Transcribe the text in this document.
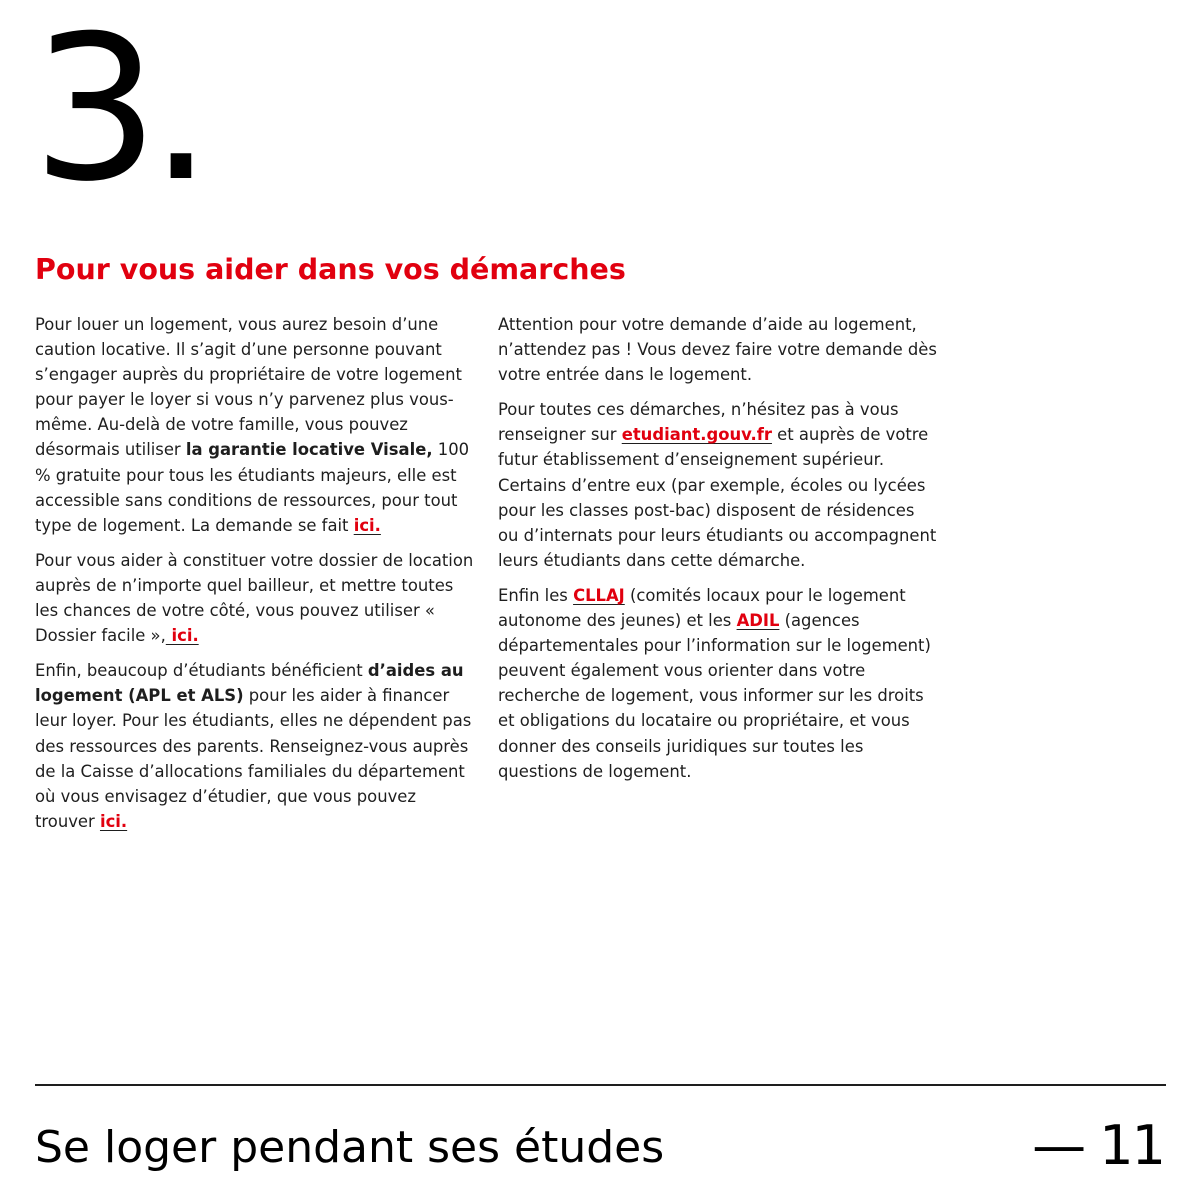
3.
Pour vous aider dans vos démarches

Pour louer un logement, vous aurez besoin d’une caution locative. Il s’agit d’une personne pouvant s’engager auprès du propriétaire de votre logement pour payer le loyer si vous n’y parvenez plus vous-même. Au-delà de votre famille, vous pouvez désormais utiliser la garantie locative Visale, 100 % gratuite pour tous les étudiants majeurs, elle est accessible sans conditions de ressources, pour tout type de logement. La demande se fait ici.

Pour vous aider à constituer votre dossier de location auprès de n’importe quel bailleur, et mettre toutes les chances de votre côté, vous pouvez utiliser « Dossier facile », ici.

Enfin, beaucoup d’étudiants bénéficient d’aides au logement (APL et ALS) pour les aider à financer leur loyer. Pour les étudiants, elles ne dépendent pas des ressources des parents. Renseignez-vous auprès de la Caisse d’allocations familiales du département où vous envisagez d’étudier, que vous pouvez trouver ici.

Attention pour votre demande d’aide au logement, n’attendez pas ! Vous devez faire votre demande dès votre entrée dans le logement.

Pour toutes ces démarches, n’hésitez pas à vous renseigner sur etudiant.gouv.fr et auprès de votre futur établissement d’enseignement supérieur. Certains d’entre eux (par exemple, écoles ou lycées pour les classes post-bac) disposent de résidences ou d’internats pour leurs étudiants ou accompagnent leurs étudiants dans cette démarche.

Enfin les CLLAJ (comités locaux pour le logement autonome des jeunes) et les ADIL (agences départementales pour l’information sur le logement) peuvent également vous orienter dans votre recherche de logement, vous informer sur les droits et obligations du locataire ou propriétaire, et vous donner des conseils juridiques sur toutes les questions de logement.

Se loger pendant ses études	— 11
